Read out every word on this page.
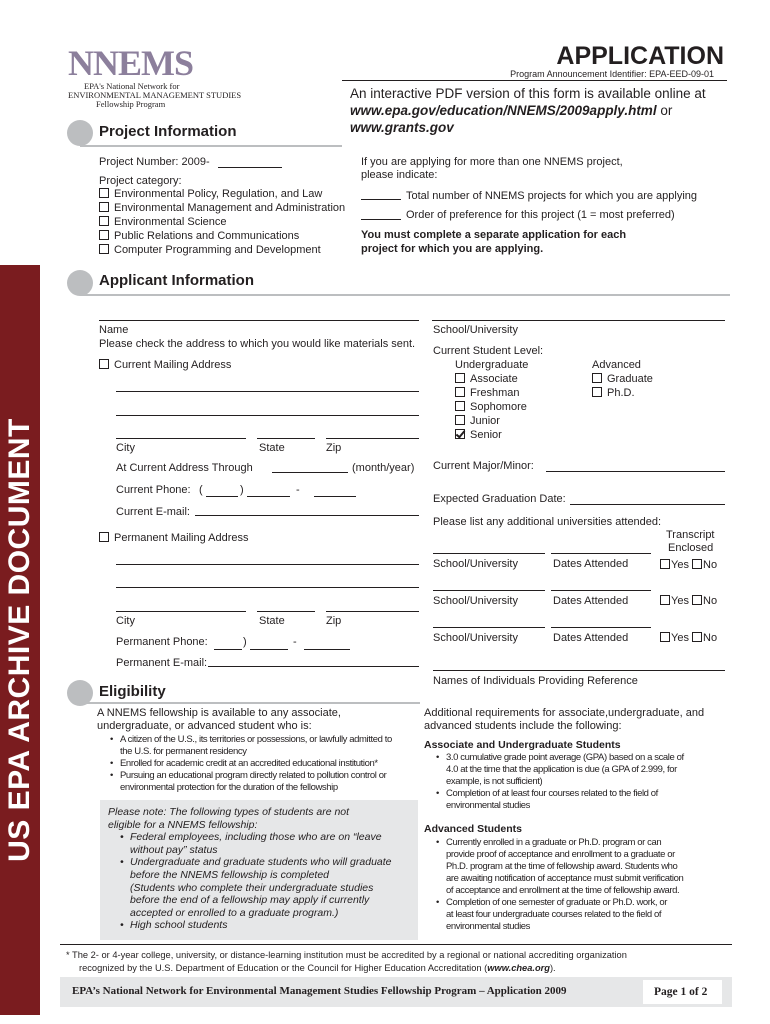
US EPA ARCHIVE DOCUMENT
NNEMS
EPA's National Network for
ENVIRONMENTAL MANAGEMENT STUDIES
Fellowship Program
APPLICATION
Program Announcement Identifier: EPA-EED-09-01
An interactive PDF version of this form is available online at
www.epa.gov/education/NNEMS/2009apply.html or
www.grants.gov
Project Information
Project Number: 2009-
Project category:
Environmental Policy, Regulation, and Law
Environmental Management and Administration
Environmental Science
Public Relations and Communications
Computer Programming and Development
If you are applying for more than one NNEMS project,
please indicate:
Total number of NNEMS projects for which you are applying
Order of preference for this project (1 = most preferred)
You must complete a separate application for each
project for which you are applying.
Applicant Information
Name
Please check the address to which you would like materials sent.
Current Mailing Address
City	State	Zip
At Current Address Through	(month/year)
Current Phone: (	)	-
Current E-mail:
Permanent Mailing Address
City	State	Zip
Permanent Phone:	)	-
Permanent E-mail:
School/University
Current Student Level:
Undergraduate
Associate
Freshman
Sophomore
Junior
Senior
Advanced
Graduate
Ph.D.
Current Major/Minor:
Expected Graduation Date:
Please list any additional universities attended:
Transcript
Enclosed
School/University	Dates Attended	Yes No
School/University	Dates Attended	Yes No
School/University	Dates Attended	Yes No
Names of Individuals Providing Reference
Eligibility
A NNEMS fellowship is available to any associate,
undergraduate, or advanced student who is:
• A citizen of the U.S., its territories or possessions, or lawfully admitted to
the U.S. for permanent residency
• Enrolled for academic credit at an accredited educational institution*
• Pursuing an educational program directly related to pollution control or
environmental protection for the duration of the fellowship
Please note: The following types of students are not
eligible for a NNEMS fellowship:
• Federal employees, including those who are on “leave
without pay” status
• Undergraduate and graduate students who will graduate
before the NNEMS fellowship is completed
(Students who complete their undergraduate studies
before the end of a fellowship may apply if currently
accepted or enrolled to a graduate program.)
• High school students
Additional requirements for associate,undergraduate, and
advanced students include the following:
Associate and Undergraduate Students
• 3.0 cumulative grade point average (GPA) based on a scale of
4.0 at the time that the application is due (a GPA of 2.999, for
example, is not sufficient)
• Completion of at least four courses related to the field of
environmental studies
Advanced Students
• Currently enrolled in a graduate or Ph.D. program or can
provide proof of acceptance and enrollment to a graduate or
Ph.D. program at the time of fellowship award. Students who
are awaiting notification of acceptance must submit verification
of acceptance and enrollment at the time of fellowship award.
• Completion of one semester of graduate or Ph.D. work, or
at least four undergraduate courses related to the field of
environmental studies
* The 2- or 4-year college, university, or distance-learning institution must be accredited by a regional or national accrediting organization
recognized by the U.S. Department of Education or the Council for Higher Education Accreditation (www.chea.org).
EPA’s National Network for Environmental Management Studies Fellowship Program – Application 2009	Page 1 of 2
